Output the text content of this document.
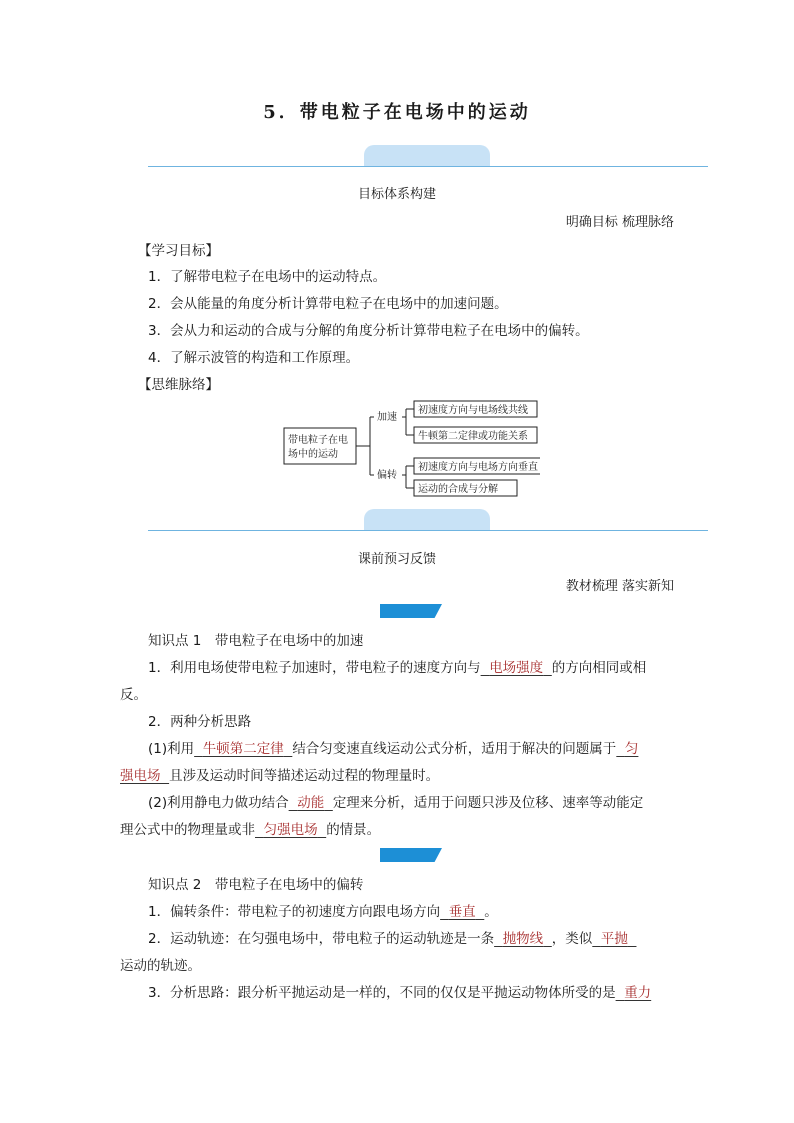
5．带电粒子在电场中的运动
目标体系构建
明确目标 梳理脉络
【学习目标】
1．了解带电粒子在电场中的运动特点。
2．会从能量的角度分析计算带电粒子在电场中的加速问题。
3．会从力和运动的合成与分解的角度分析计算带电粒子在电场中的偏转。
4．了解示波管的构造和工作原理。
【思维脉络】
带电粒子在电
场中的运动
加速
偏转
初速度方向与电场线共线
牛顿第二定律或功能关系
初速度方向与电场方向垂直
运动的合成与分解
课前预习反馈
教材梳理 落实新知
知识点 1　带电粒子在电场中的加速
1．利用电场使带电粒子加速时，带电粒子的速度方向与 电场强度 的方向相同或相
反。
2．两种分析思路
(1)利用 牛顿第二定律 结合匀变速直线运动公式分析，适用于解决的问题属于 匀
强电场 且涉及运动时间等描述运动过程的物理量时。
(2)利用静电力做功结合 动能 定理来分析，适用于问题只涉及位移、速率等动能定
理公式中的物理量或非 匀强电场 的情景。
知识点 2　带电粒子在电场中的偏转
1．偏转条件：带电粒子的初速度方向跟电场方向 垂直 。
2．运动轨迹：在匀强电场中，带电粒子的运动轨迹是一条 抛物线 ，类似 平抛
运动的轨迹。
3．分析思路：跟分析平抛运动是一样的，不同的仅仅是平抛运动物体所受的是 重力
